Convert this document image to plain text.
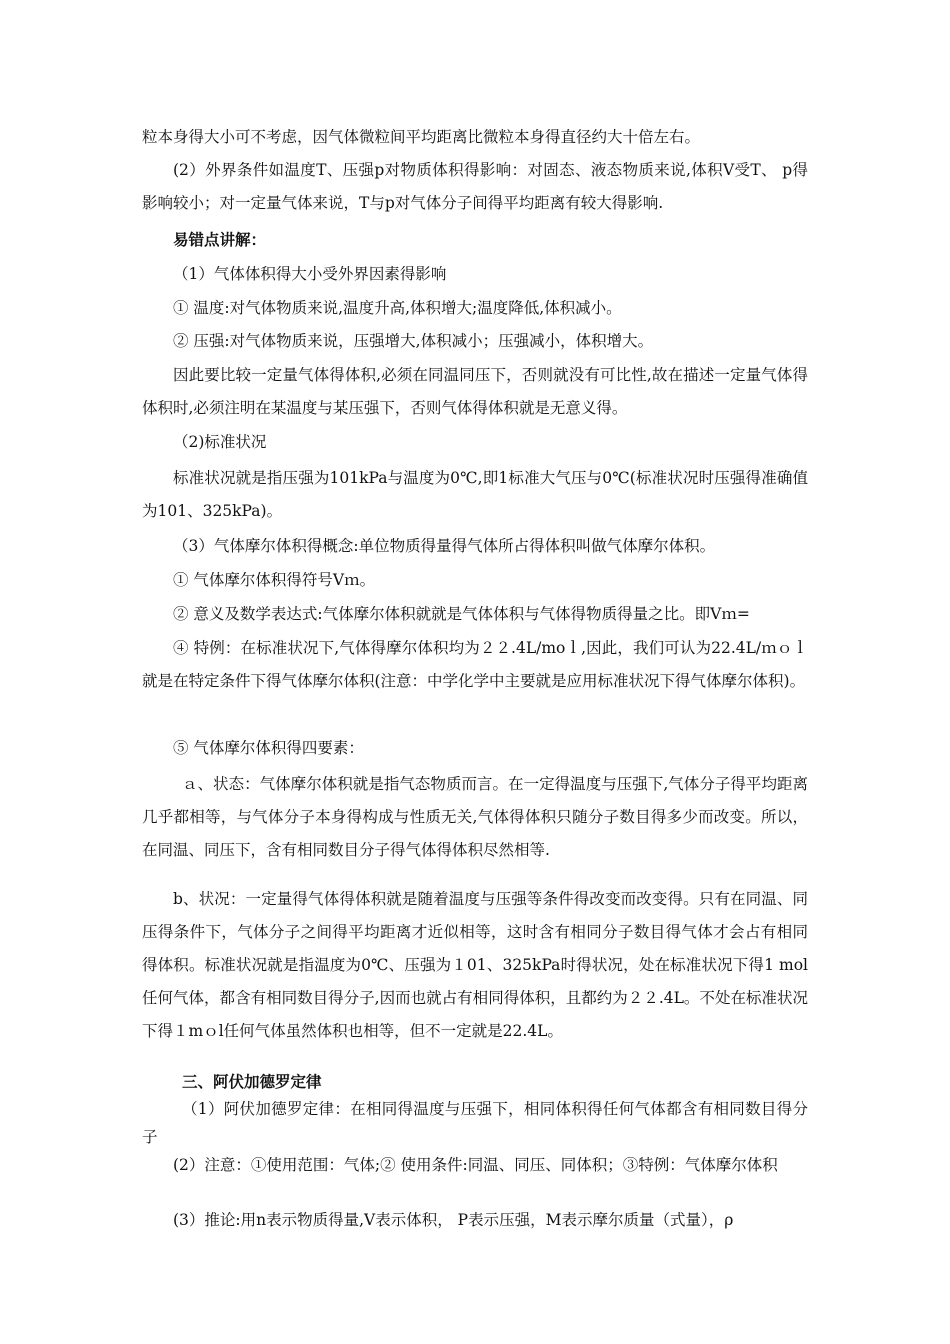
粒本身得大小可不考虑，因气体微粒间平均距离比微粒本身得直径约大十倍左右。
(2）外界条件如温度T、压强p对物质体积得影响：对固态、液态物质来说,体积V受T、 p得影响较小；对一定量气体来说，T与p对气体分子间得平均距离有较大得影响.
易错点讲解：
（1）气体体积得大小受外界因素得影响
① 温度:对气体物质来说,温度升高,体积增大;温度降低,体积减小。
② 压强:对气体物质来说，压强增大,体积减小；压强减小，体积增大。
因此要比较一定量气体得体积,必须在同温同压下，否则就没有可比性,故在描述一定量气体得体积时,必须注明在某温度与某压强下，否则气体得体积就是无意义得。
（2)标准状况
标准状况就是指压强为101kPa与温度为0℃,即1标准大气压与0℃(标准状况时压强得准确值为101、325kPa)。
（3）气体摩尔体积得概念:单位物质得量得气体所占得体积叫做气体摩尔体积。
① 气体摩尔体积得符号Vｍ。
② 意义及数学表达式:气体摩尔体积就就是气体体积与气体得物质得量之比。即Vｍ=
④ 特例：在标准状况下,气体得摩尔体积均为２２.4L/moｌ,因此，我们可认为22.4L/ｍｏｌ就是在特定条件下得气体摩尔体积(注意：中学化学中主要就是应用标准状况下得气体摩尔体积)。
⑤ 气体摩尔体积得四要素：
ａ、状态：气体摩尔体积就是指气态物质而言。在一定得温度与压强下,气体分子得平均距离几乎都相等，与气体分子本身得构成与性质无关,气体得体积只随分子数目得多少而改变。所以，在同温、同压下，含有相同数目分子得气体得体积尽然相等.
b、状况：一定量得气体得体积就是随着温度与压强等条件得改变而改变得。只有在同温、同压得条件下，气体分子之间得平均距离才近似相等，这时含有相同分子数目得气体才会占有相同得体积。标准状况就是指温度为0℃、压强为１01、325kPa时得状况，处在标准状况下得1 mol任何气体，都含有相同数目得分子,因而也就占有相同得体积，且都约为２２.4L。不处在标准状况下得１mｏl任何气体虽然体积也相等，但不一定就是22.4L。
三、阿伏加德罗定律
（1）阿伏加德罗定律：在相同得温度与压强下，相同体积得任何气体都含有相同数目得分子
(2）注意：①使用范围：气体;② 使用条件:同温、同压、同体积；③特例：气体摩尔体积
(3）推论:用n表示物质得量,V表示体积， P表示压强，M表示摩尔质量（式量），ρ
